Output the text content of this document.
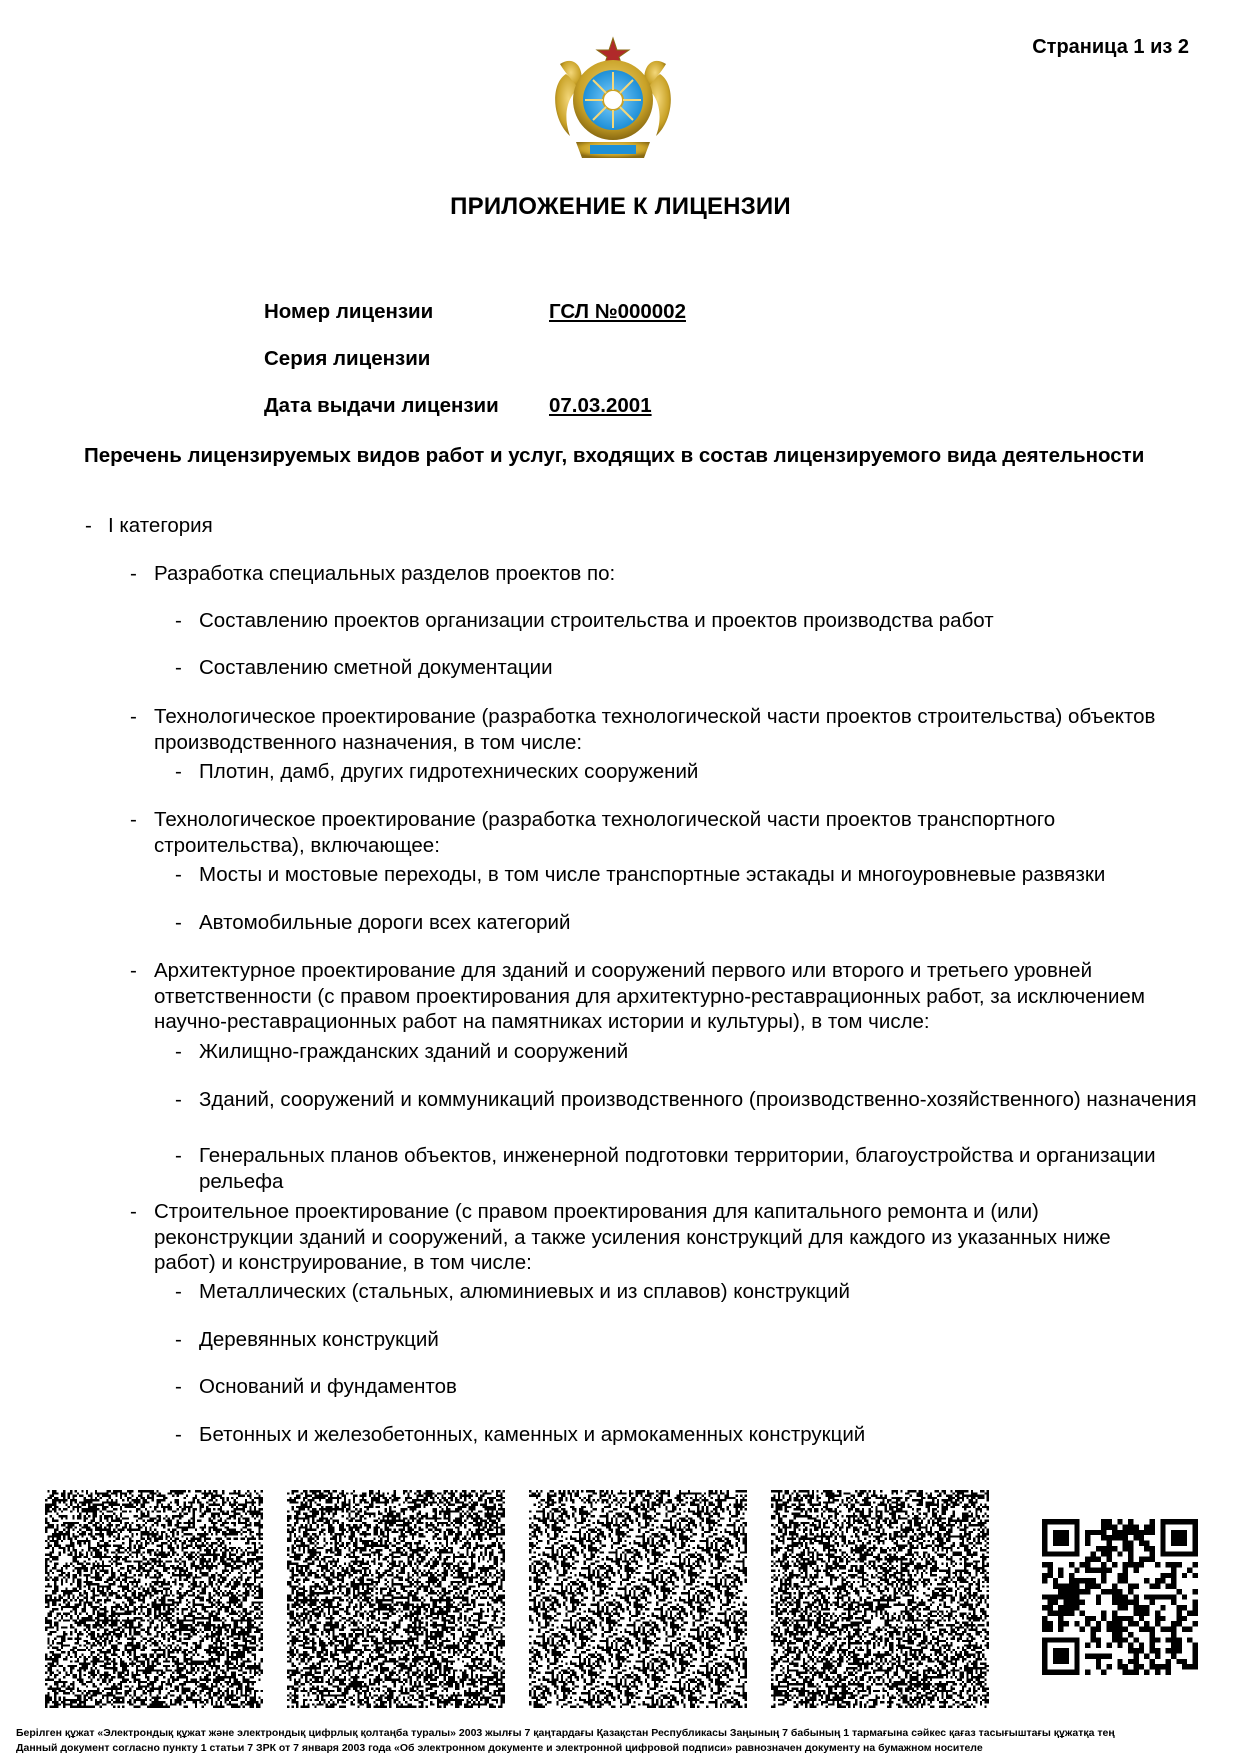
Страница 1 из 2
ПРИЛОЖЕНИЕ К ЛИЦЕНЗИИ
Номер лицензии	ГСЛ №000002
Серия лицензии
Дата выдачи лицензии 07.03.2001
Перечень лицензируемых видов работ и услуг, входящих в состав лицензируемого вида деятельности
- I категория
- Разработка специальных разделов проектов по:
- Составлению проектов организации строительства и проектов производства работ
- Составлению сметной документации
- Технологическое проектирование (разработка технологической части проектов строительства) объектов производственного назначения, в том числе:
- Плотин, дамб, других гидротехнических сооружений
- Технологическое проектирование (разработка технологической части проектов транспортного строительства), включающее:
- Мосты и мостовые переходы, в том числе транспортные эстакады и многоуровневые развязки
- Автомобильные дороги всех категорий
- Архитектурное проектирование для зданий и сооружений первого или второго и третьего уровней ответственности (с правом проектирования для архитектурно-реставрационных работ, за исключением научно-реставрационных работ на памятниках истории и культуры), в том числе:
- Жилищно-гражданских зданий и сооружений
- Зданий, сооружений и коммуникаций производственного (производственно-хозяйственного) назначения
- Генеральных планов объектов, инженерной подготовки территории, благоустройства и организации рельефа
- Строительное проектирование (с правом проектирования для капитального ремонта и (или) реконструкции зданий и сооружений, а также усиления конструкций для каждого из указанных ниже работ) и конструирование, в том числе:
- Металлических (стальных, алюминиевых и из сплавов) конструкций
- Деревянных конструкций
- Оснований и фундаментов
- Бетонных и железобетонных, каменных и армокаменных конструкций
Берілген құжат «Электрондық құжат және электрондық цифрлық қолтаңба туралы» 2003 жылғы 7 қаңтардағы Қазақстан Республикасы Заңының 7 бабының 1 тармағына сәйкес қағаз тасығыштағы құжатқа тең
Данный документ согласно пункту 1 статьи 7 ЗРК от 7 января 2003 года «Об электронном документе и электронной цифровой подписи» равнозначен документу на бумажном носителе
